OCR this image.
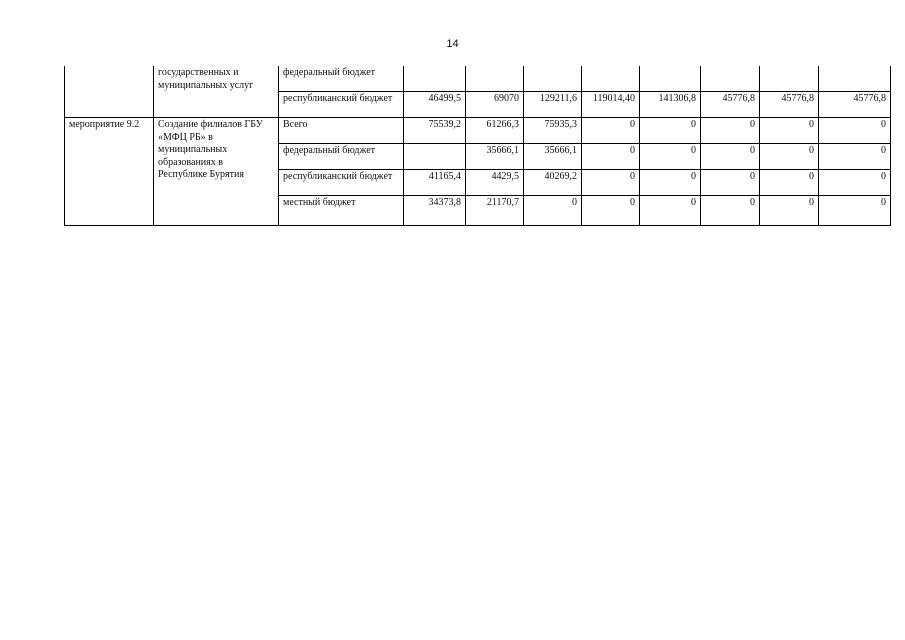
14
	государственных и муниципальных услуг	федеральный бюджет								
		республиканский бюджет	46499,5	69070	129211,6	119014,40	141306,8	45776,8	45776,8	45776,8
мероприятие 9.2	Создание филиалов ГБУ «МФЦ РБ» в муниципальных образованиях в Республике Бурятия	Всего	75539,2	61266,3	75935,3	0	0	0	0	0
		федеральный бюджет		35666,1	35666,1	0	0	0	0	0
		республиканский бюджет	41165,4	4429,5	40269,2	0	0	0	0	0
		местный бюджет	34373,8	21170,7	0	0	0	0	0	0
